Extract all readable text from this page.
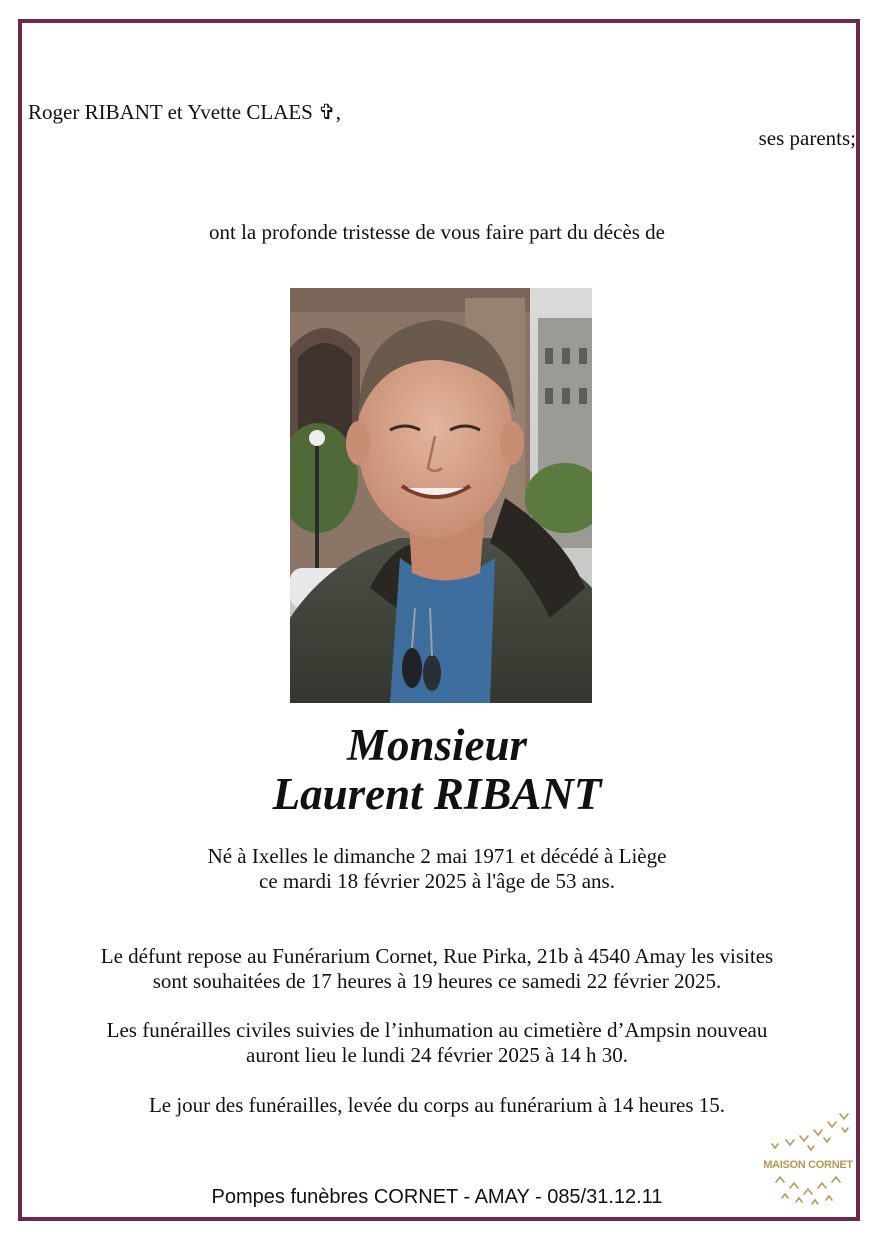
Roger RIBANT et Yvette CLAES ✞,
ses parents;
ont la profonde tristesse de vous faire part du décès de
Monsieur
Laurent RIBANT
Né à Ixelles le dimanche 2 mai 1971 et décédé à Liège
ce mardi 18 février 2025 à l'âge de 53 ans.
Le défunt repose au Funérarium Cornet, Rue Pirka, 21b à 4540 Amay les visites
sont souhaitées de 17 heures à 19 heures ce samedi 22 février 2025.
Les funérailles civiles suivies de l’inhumation au cimetière d’Ampsin nouveau
auront lieu le lundi 24 février 2025 à 14 h 30.
Le jour des funérailles, levée du corps au funérarium à 14 heures 15.
MAISON CORNET
Pompes funèbres CORNET - AMAY - 085/31.12.11
